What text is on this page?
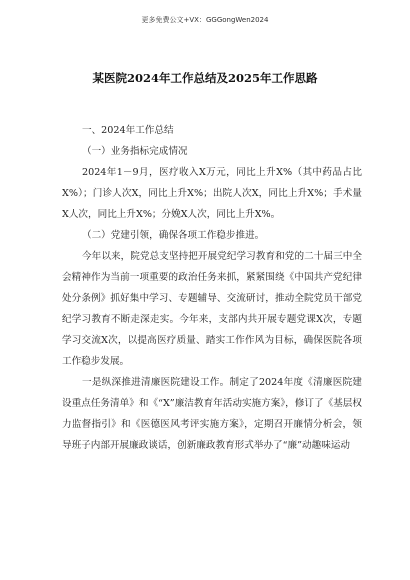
更多免费公文+VX：GGGongWen2024
某医院2024年工作总结及2025年工作思路

一、2024年工作总结

（一）业务指标完成情况

2024年1－9月，医疗收入X万元，同比上升X%（其中药品占比X%）；门诊人次X，同比上升X%；出院人次X，同比上升X%；手术量X人次，同比上升X%；分娩X人次，同比上升X%。

（二）党建引领，确保各项工作稳步推进。

今年以来，院党总支坚持把开展党纪学习教育和党的二十届三中全会精神作为当前一项重要的政治任务来抓，紧紧围绕《中国共产党纪律处分条例》抓好集中学习、专题辅导、交流研讨，推动全院党员干部党纪学习教育不断走深走实。今年来，支部内共开展专题党课X次，专题学习交流X次，以提高医疗质量、踏实工作作风为目标，确保医院各项工作稳步发展。

一是纵深推进清廉医院建设工作。制定了2024年度《清廉医院建设重点任务清单》和《“X”廉洁教育年活动实施方案》，修订了《基层权力监督指引》和《医德医风考评实施方案》，定期召开廉情分析会，领导班子内部开展廉政谈话，创新廉政教育形式举办了“廉”动趣味运动
